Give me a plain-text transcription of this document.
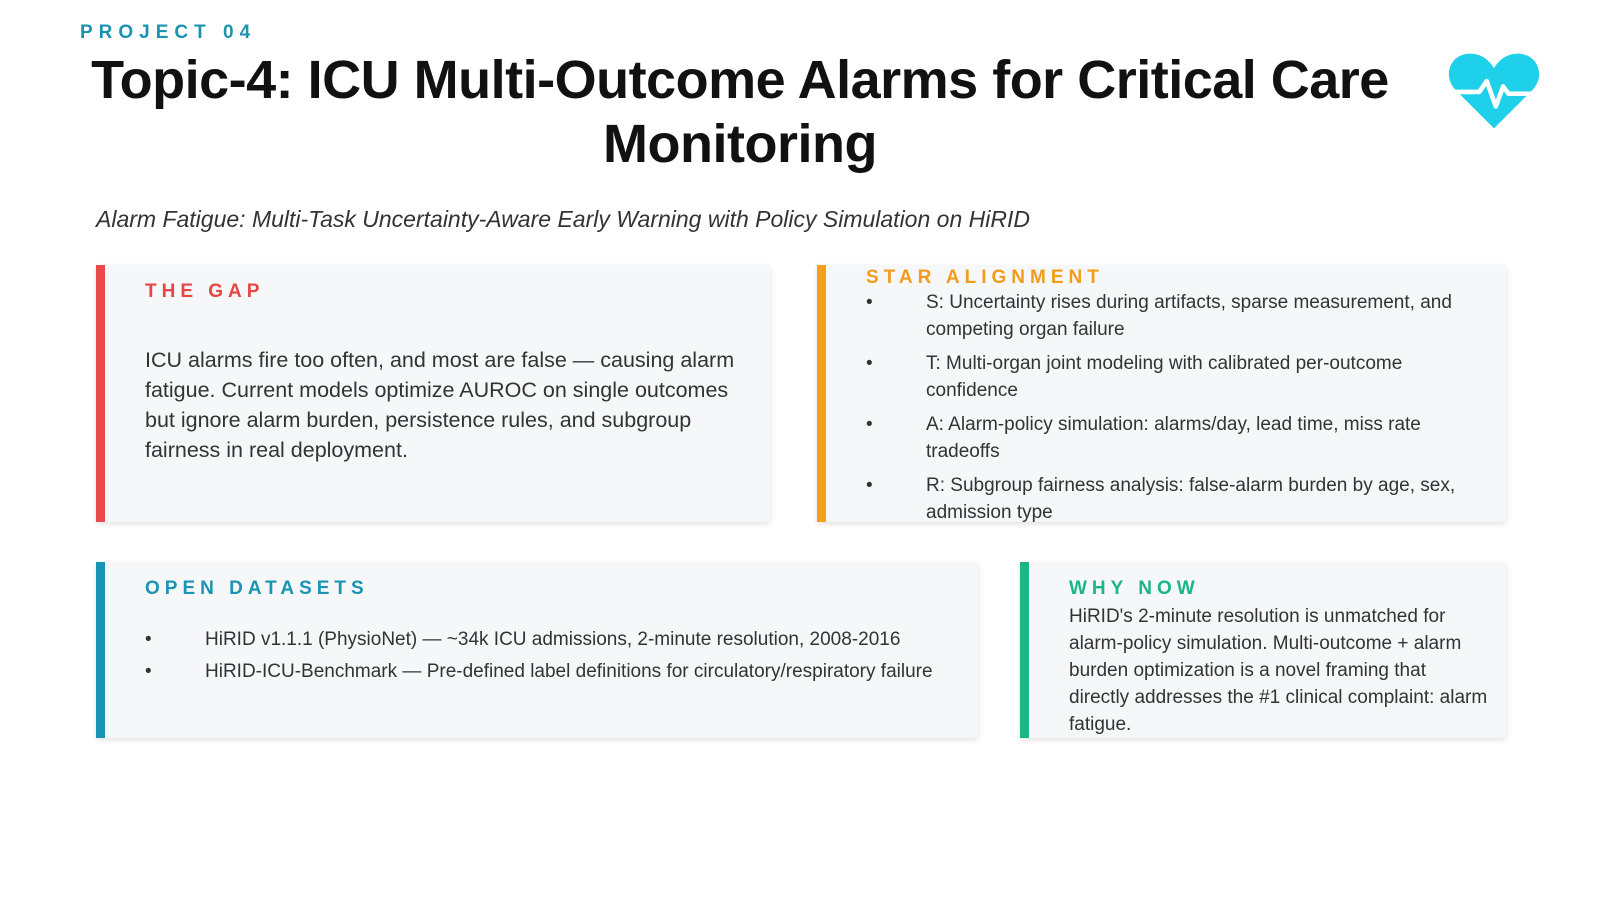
PROJECT 04
Topic-4: ICU Multi-Outcome Alarms for Critical Care Monitoring
Alarm Fatigue: Multi-Task Uncertainty-Aware Early Warning with Policy Simulation on HiRID
THE GAP
ICU alarms fire too often, and most are false — causing alarm fatigue. Current models optimize AUROC on single outcomes but ignore alarm burden, persistence rules, and subgroup fairness in real deployment.
STAR ALIGNMENT
•	S: Uncertainty rises during artifacts, sparse measurement, and competing organ failure
•	T: Multi-organ joint modeling with calibrated per-outcome confidence
•	A: Alarm-policy simulation: alarms/day, lead time, miss rate tradeoffs
•	R: Subgroup fairness analysis: false-alarm burden by age, sex, admission type
OPEN DATASETS
•	HiRID v1.1.1 (PhysioNet) — ~34k ICU admissions, 2-minute resolution, 2008-2016
•	HiRID-ICU-Benchmark — Pre-defined label definitions for circulatory/respiratory failure
WHY NOW
HiRID's 2-minute resolution is unmatched for alarm-policy simulation. Multi-outcome + alarm burden optimization is a novel framing that directly addresses the #1 clinical complaint: alarm fatigue.
